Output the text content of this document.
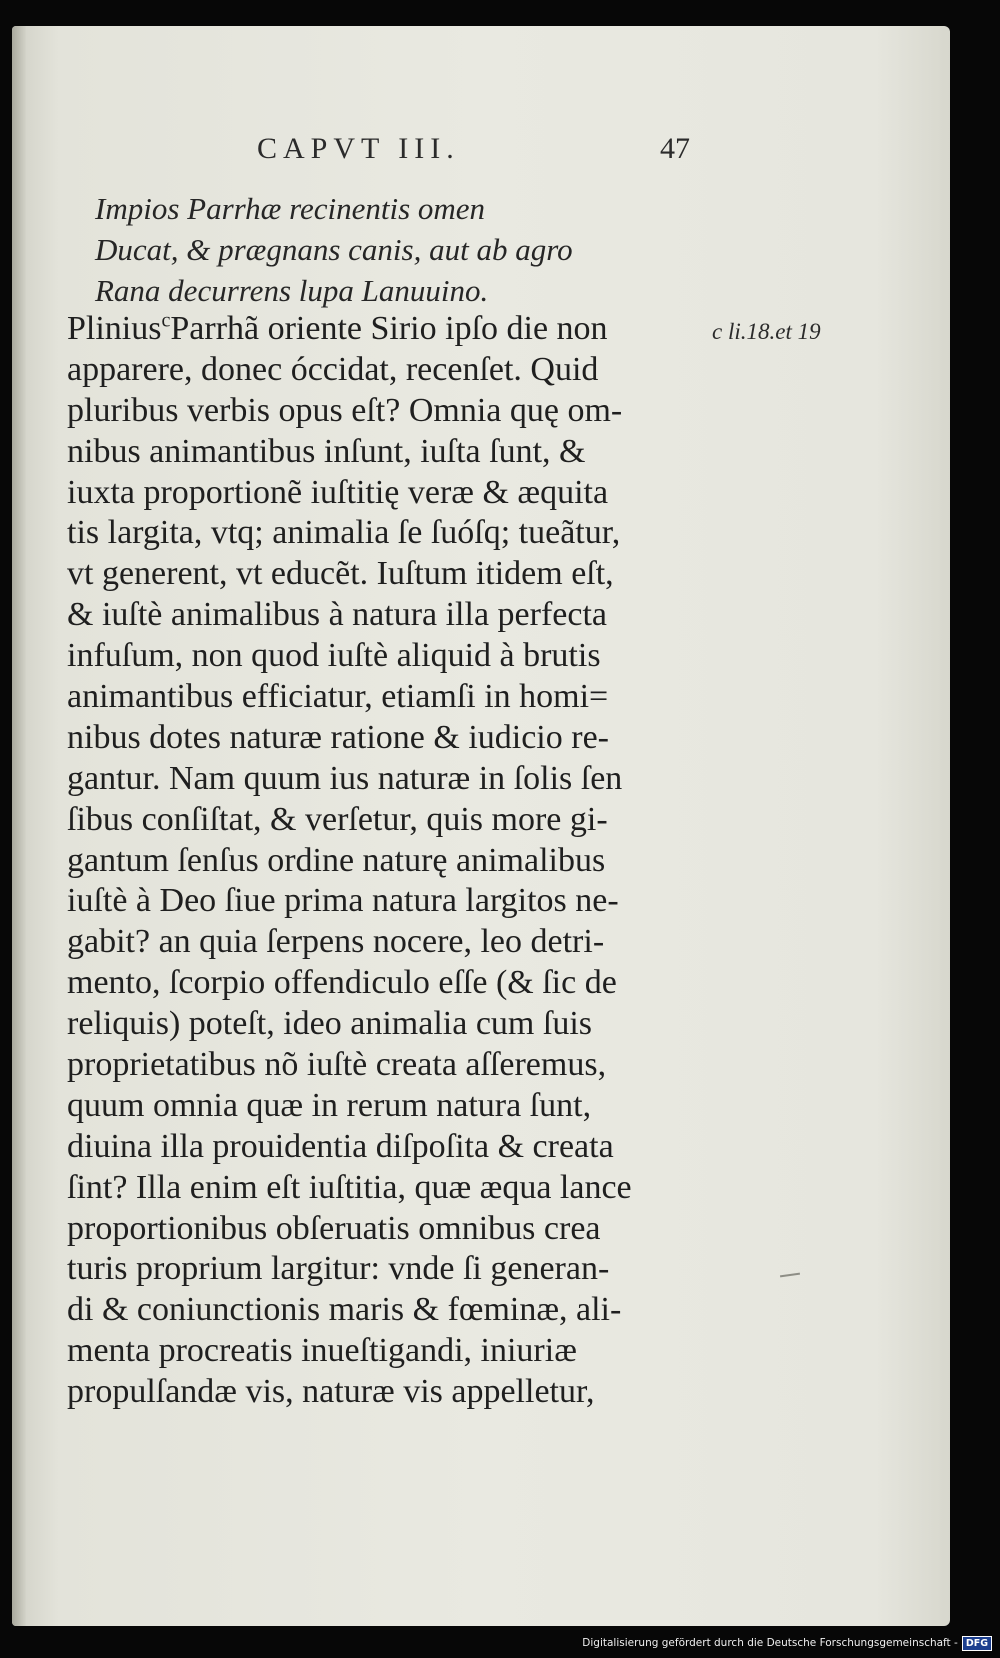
CAPVT III.	47
Impios Parrhæ recinentis omen
Ducat, & prægnans canis, aut ab agro
Rana decurrens lupa Lanuuino.
Plinius$^c$Parrhã oriente Sirio ipſo die non
apparere, donec óccidat, recenſet. Quid
pluribus verbis opus eſt? Omnia quę om-
nibus animantibus inſunt, iuſta ſunt, &
iuxta proportionẽ iuſtitię veræ & æquita
tis largita, vtq; animalia ſe ſuóſq; tueãtur,
vt generent, vt educẽt. Iuſtum itidem eſt,
& iuſtè animalibus à natura illa perfecta
infuſum, non quod iuſtè aliquid à brutis
animantibus efficiatur, etiamſi in homi=
nibus dotes naturæ ratione & iudicio re-
gantur. Nam quum ius naturæ in ſolis ſen
ſibus conſiſtat, & verſetur, quis more gi-
gantum ſenſus ordine naturę animalibus
iuſtè à Deo ſiue prima natura largitos ne-
gabit? an quia ſerpens nocere, leo detri-
mento, ſcorpio offendiculo eſſe (& ſic de
reliquis) poteſt, ideo animalia cum ſuis
proprietatibus nõ iuſtè creata aſſeremus,
quum omnia quæ in rerum natura ſunt,
diuina illa prouidentia diſpoſita & creata
ſint? Illa enim eſt iuſtitia, quæ æqua lance
proportionibus obſeruatis omnibus crea
turis proprium largitur: vnde ſi generan-
di & coniunctionis maris & fœminæ, ali-
menta procreatis inueſtigandi, iniuriæ
propulſandæ vis, naturæ vis appelletur,
c li.18.et 19
Digitalisierung gefördert durch die Deutsche Forschungsgemeinschaft - DFG
